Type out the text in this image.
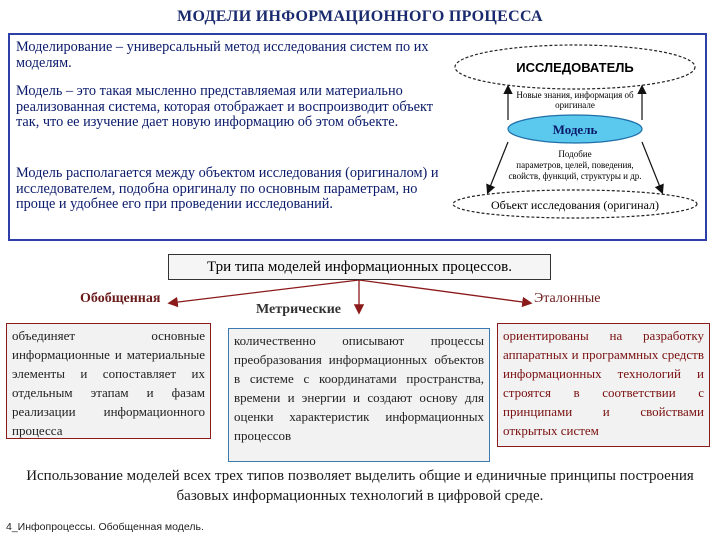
МОДЕЛИ ИНФОРМАЦИОННОГО ПРОЦЕССА
Моделирование – универсальный метод исследования систем по их моделям.
Модель – это такая мысленно представляемая или материально реализованная система, которая отображает и воспроизводит объект так, что ее изучение дает новую информацию об этом объекте.
Модель располагается между объектом исследования (оригиналом) и исследователем, подобна оригиналу по основным параметрам, но проще и удобнее его при проведении исследований.
ИССЛЕДОВАТЕЛЬ
Новые знания, информация об
оригинале
Модель
Подобие
параметров, целей, поведения,
свойств, функций, структуры и др.
Объект исследования (оригинал)
Три типа моделей информационных процессов.
Обобщенная
Метрические
Эталонные
объединяет основные информационные и материальные элементы и сопоставляет их отдельным этапам и фазам реализации информационного процесса
количественно описывают процессы преобразования информационных объектов в системе с координатами пространства, времени и энергии и создают основу для оценки характеристик информационных процессов
ориентированы на разработку аппаратных и программных средств информационных технологий и строятся в соответствии с принципами и свойствами открытых систем
Использование моделей всех трех типов позволяет выделить общие и единичные принципы построения базовых информационных технологий в цифровой среде.
4_Инфопроцессы. Обобщенная модель.
